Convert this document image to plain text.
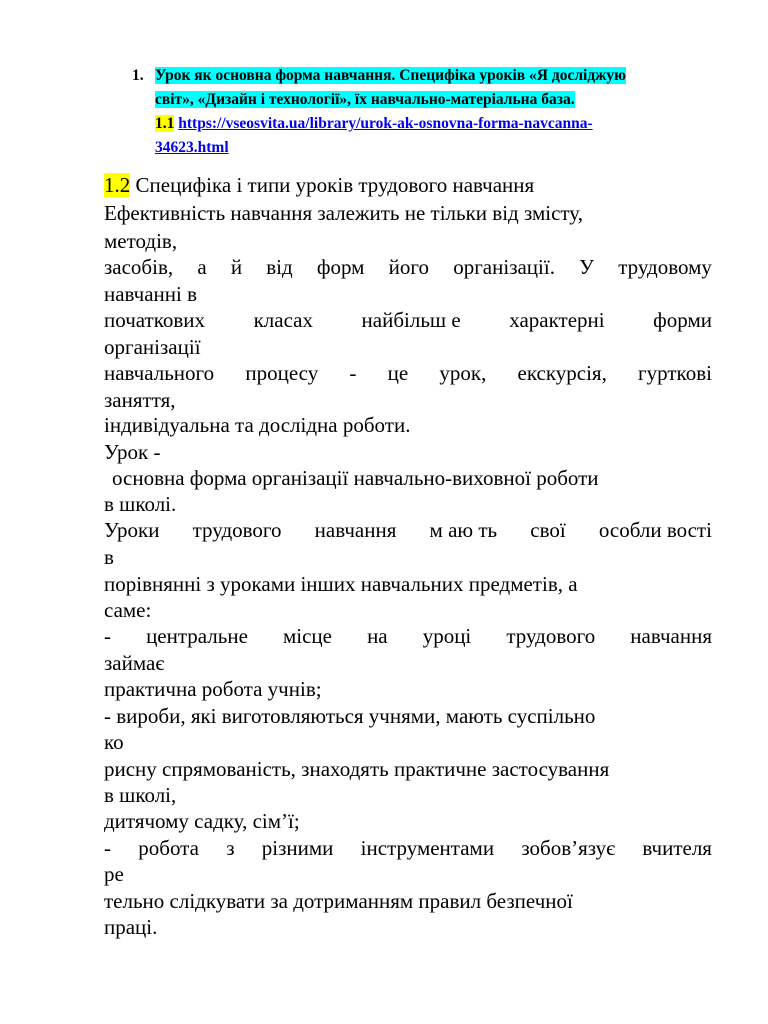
1. Урок як основна форма навчання. Специфіка уроків «Я досліджую
світ», «Дизайн і технології», їх навчально-матеріальна база.
1.1 https://vseosvita.ua/library/urok-ak-osnovna-forma-navcanna-
34623.html
1.2 Специфіка і типи уроків трудового навчання
Ефективність навчання залежить не тільки від змісту,
методів,
засобів, а й від форм його організації. У трудовому
навчанні в
початкових класах найбільш е характерні форми
організації
навчального процесу - це урок, екскурсія, гурткові
заняття,
індивідуальна та дослідна роботи.
Урок -
основна форма організації навчально-виховної роботи
в школі.
Уроки трудового навчання м аю ть свої особли вості
в
порівнянні з уроками інших навчальних предметів, а
саме:
- центральне місце на уроці трудового навчання
займає
практична робота учнів;
- вироби, які виготовляються учнями, мають суспільно
ко
рисну спрямованість, знаходять практичне застосування
в школі,
дитячому садку, сім’ї;
- робота з різними інструментами зобов’язує вчителя
ре
тельно слідкувати за дотриманням правил безпечної
праці.
